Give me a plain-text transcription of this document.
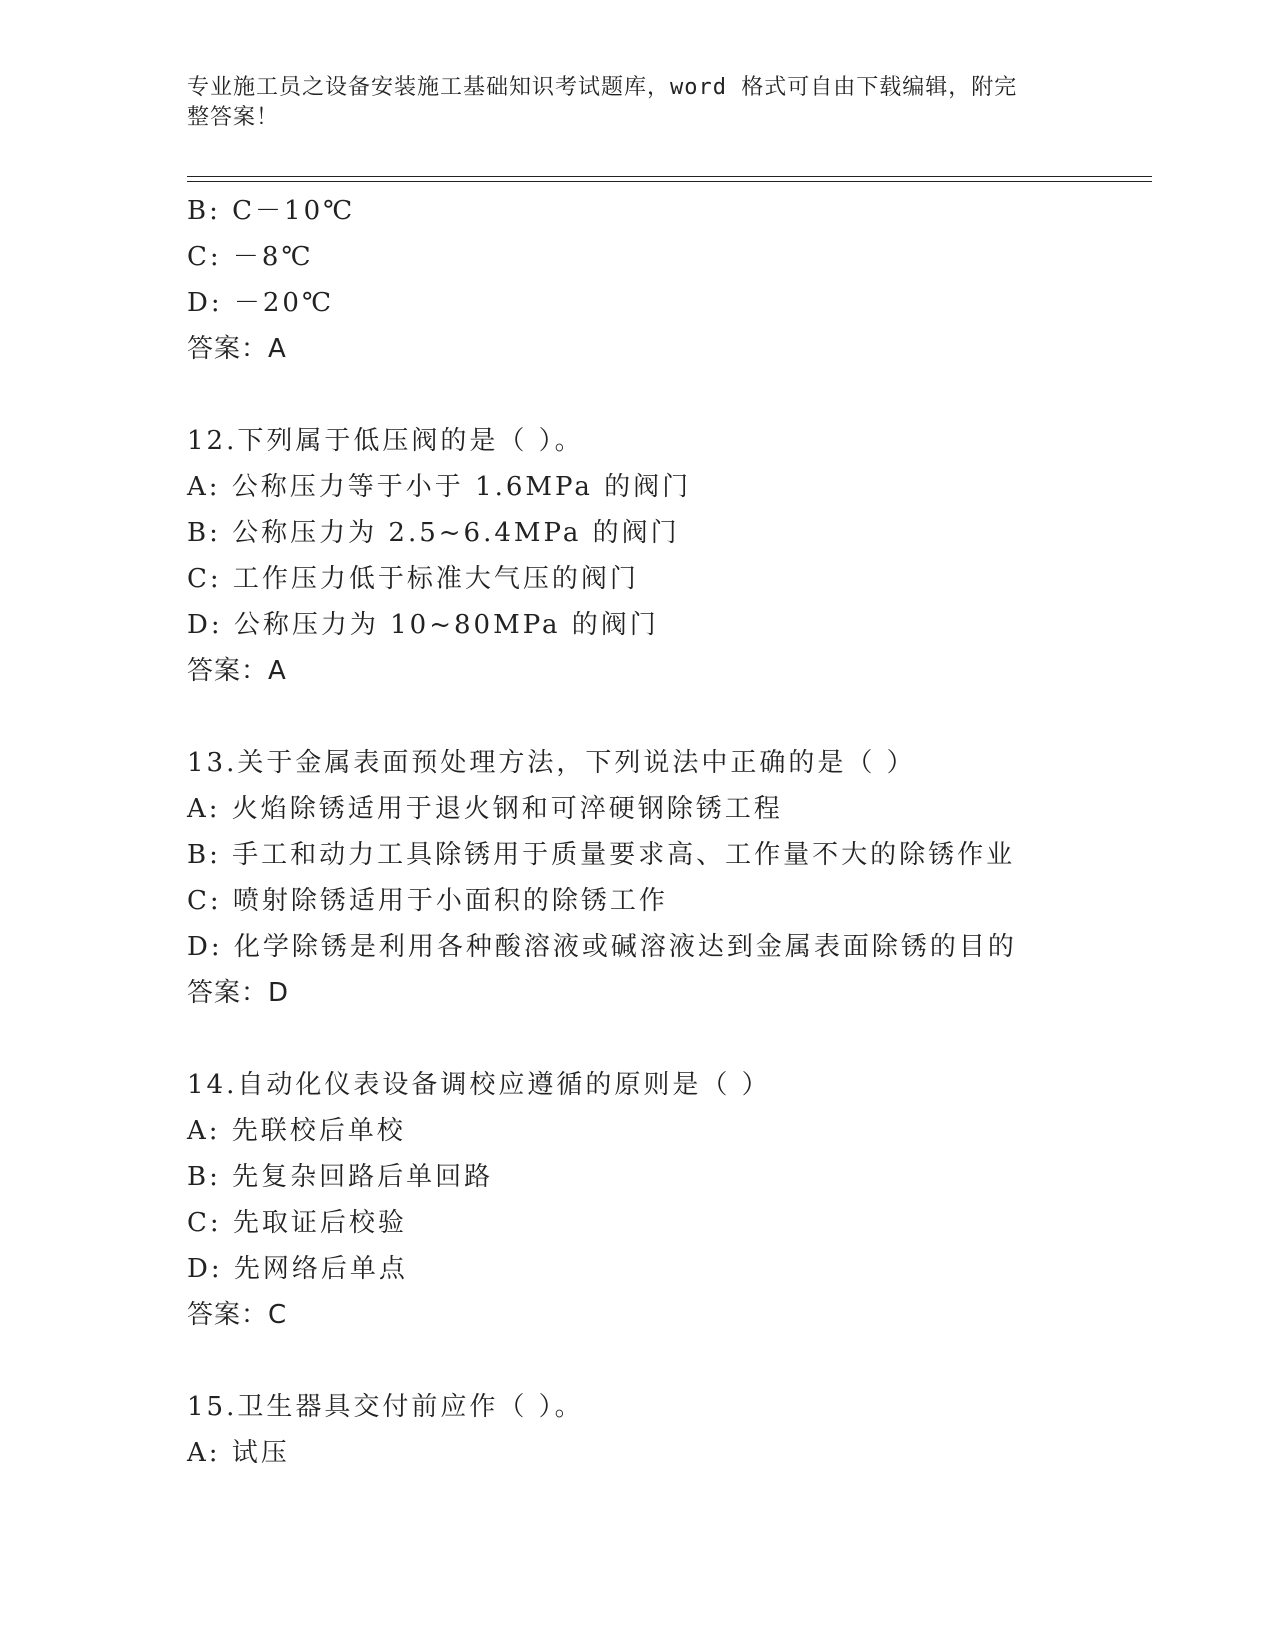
专业施工员之设备安装施工基础知识考试题库，word 格式可自由下载编辑，附完
整答案！
B: C－10℃
C: －8℃
D: －20℃
答案：A
12.下列属于低压阀的是（ ）。
A: 公称压力等于小于 1.6MPa 的阀门
B: 公称压力为 2.5~6.4MPa 的阀门
C: 工作压力低于标准大气压的阀门
D: 公称压力为 10~80MPa 的阀门
答案：A
13.关于金属表面预处理方法，下列说法中正确的是（ ）
A: 火焰除锈适用于退火钢和可淬硬钢除锈工程
B: 手工和动力工具除锈用于质量要求高、工作量不大的除锈作业
C: 喷射除锈适用于小面积的除锈工作
D: 化学除锈是利用各种酸溶液或碱溶液达到金属表面除锈的目的
答案：D
14.自动化仪表设备调校应遵循的原则是（ ）
A: 先联校后单校
B: 先复杂回路后单回路
C: 先取证后校验
D: 先网络后单点
答案：C
15.卫生器具交付前应作（ ）。
A: 试压
